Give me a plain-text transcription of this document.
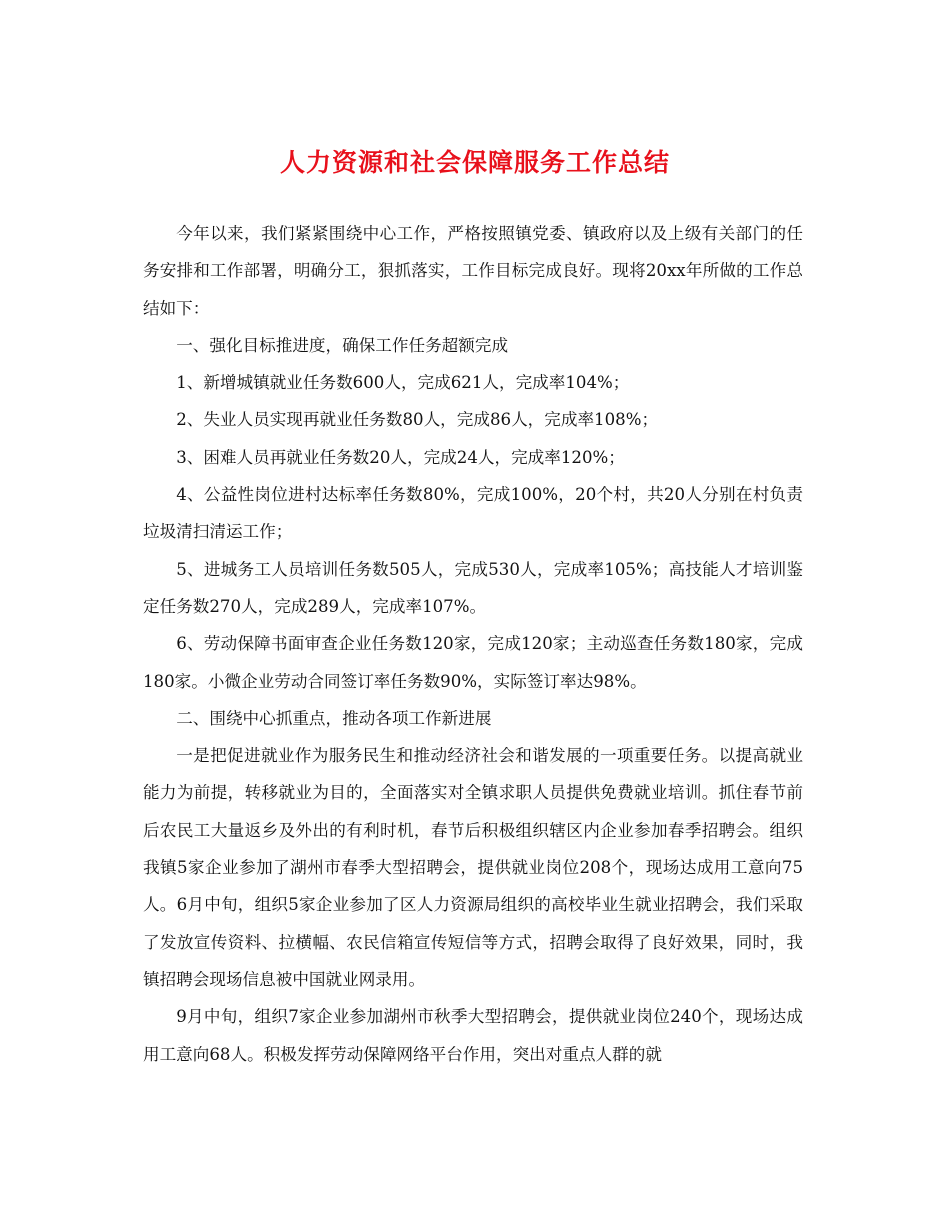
人力资源和社会保障服务工作总结

今年以来，我们紧紧围绕中心工作，严格按照镇党委、镇政府以及上级有关部门的任务安排和工作部署，明确分工，狠抓落实，工作目标完成良好。现将20xx年所做的工作总结如下：

一、强化目标推进度，确保工作任务超额完成

1、新增城镇就业任务数600人，完成621人，完成率104%；

2、失业人员实现再就业任务数80人，完成86人，完成率108%；

3、困难人员再就业任务数20人，完成24人，完成率120%；

4、公益性岗位进村达标率任务数80%，完成100%，20个村，共20人分别在村负责垃圾清扫清运工作；

5、进城务工人员培训任务数505人，完成530人，完成率105%；高技能人才培训鉴定任务数270人，完成289人，完成率107%。

6、劳动保障书面审查企业任务数120家，完成120家；主动巡查任务数180家，完成180家。小微企业劳动合同签订率任务数90%，实际签订率达98%。

二、围绕中心抓重点，推动各项工作新进展

一是把促进就业作为服务民生和推动经济社会和谐发展的一项重要任务。以提高就业能力为前提，转移就业为目的，全面落实对全镇求职人员提供免费就业培训。抓住春节前后农民工大量返乡及外出的有利时机，春节后积极组织辖区内企业参加春季招聘会。组织我镇5家企业参加了湖州市春季大型招聘会，提供就业岗位208个，现场达成用工意向75人。6月中旬，组织5家企业参加了区人力资源局组织的高校毕业生就业招聘会，我们采取了发放宣传资料、拉横幅、农民信箱宣传短信等方式，招聘会取得了良好效果，同时，我镇招聘会现场信息被中国就业网录用。

9月中旬，组织7家企业参加湖州市秋季大型招聘会，提供就业岗位240个，现场达成用工意向68人。积极发挥劳动保障网络平台作用，突出对重点人群的就
